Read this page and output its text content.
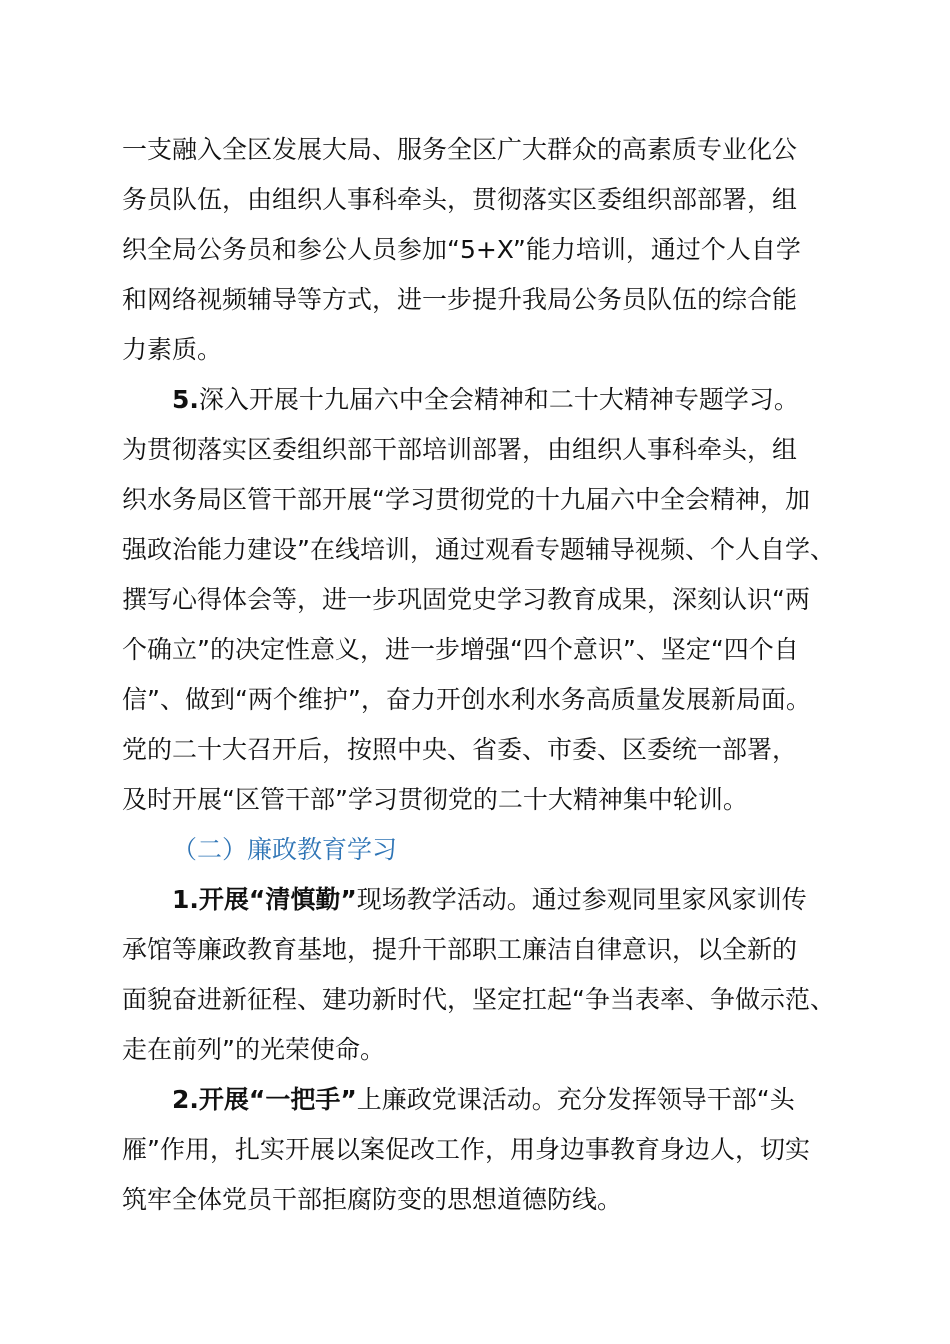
一支融入全区发展大局、服务全区广大群众的高素质专业化公
务员队伍，由组织人事科牵头，贯彻落实区委组织部部署，组
织全局公务员和参公人员参加“5+X”能力培训，通过个人自学
和网络视频辅导等方式，进一步提升我局公务员队伍的综合能
力素质。
5.深入开展十九届六中全会精神和二十大精神专题学习。
为贯彻落实区委组织部干部培训部署，由组织人事科牵头，组
织水务局区管干部开展“学习贯彻党的十九届六中全会精神，加
强政治能力建设”在线培训，通过观看专题辅导视频、个人自学、
撰写心得体会等，进一步巩固党史学习教育成果，深刻认识“两
个确立”的决定性意义，进一步增强“四个意识”、坚定“四个自
信”、做到“两个维护”，奋力开创水利水务高质量发展新局面。
党的二十大召开后，按照中央、省委、市委、区委统一部署，
及时开展“区管干部”学习贯彻党的二十大精神集中轮训。
（二）廉政教育学习
1.开展“清慎勤”现场教学活动。通过参观同里家风家训传
承馆等廉政教育基地，提升干部职工廉洁自律意识，以全新的
面貌奋进新征程、建功新时代，坚定扛起“争当表率、争做示范、
走在前列”的光荣使命。
2.开展“一把手”上廉政党课活动。充分发挥领导干部“头
雁”作用，扎实开展以案促改工作，用身边事教育身边人，切实
筑牢全体党员干部拒腐防变的思想道德防线。
